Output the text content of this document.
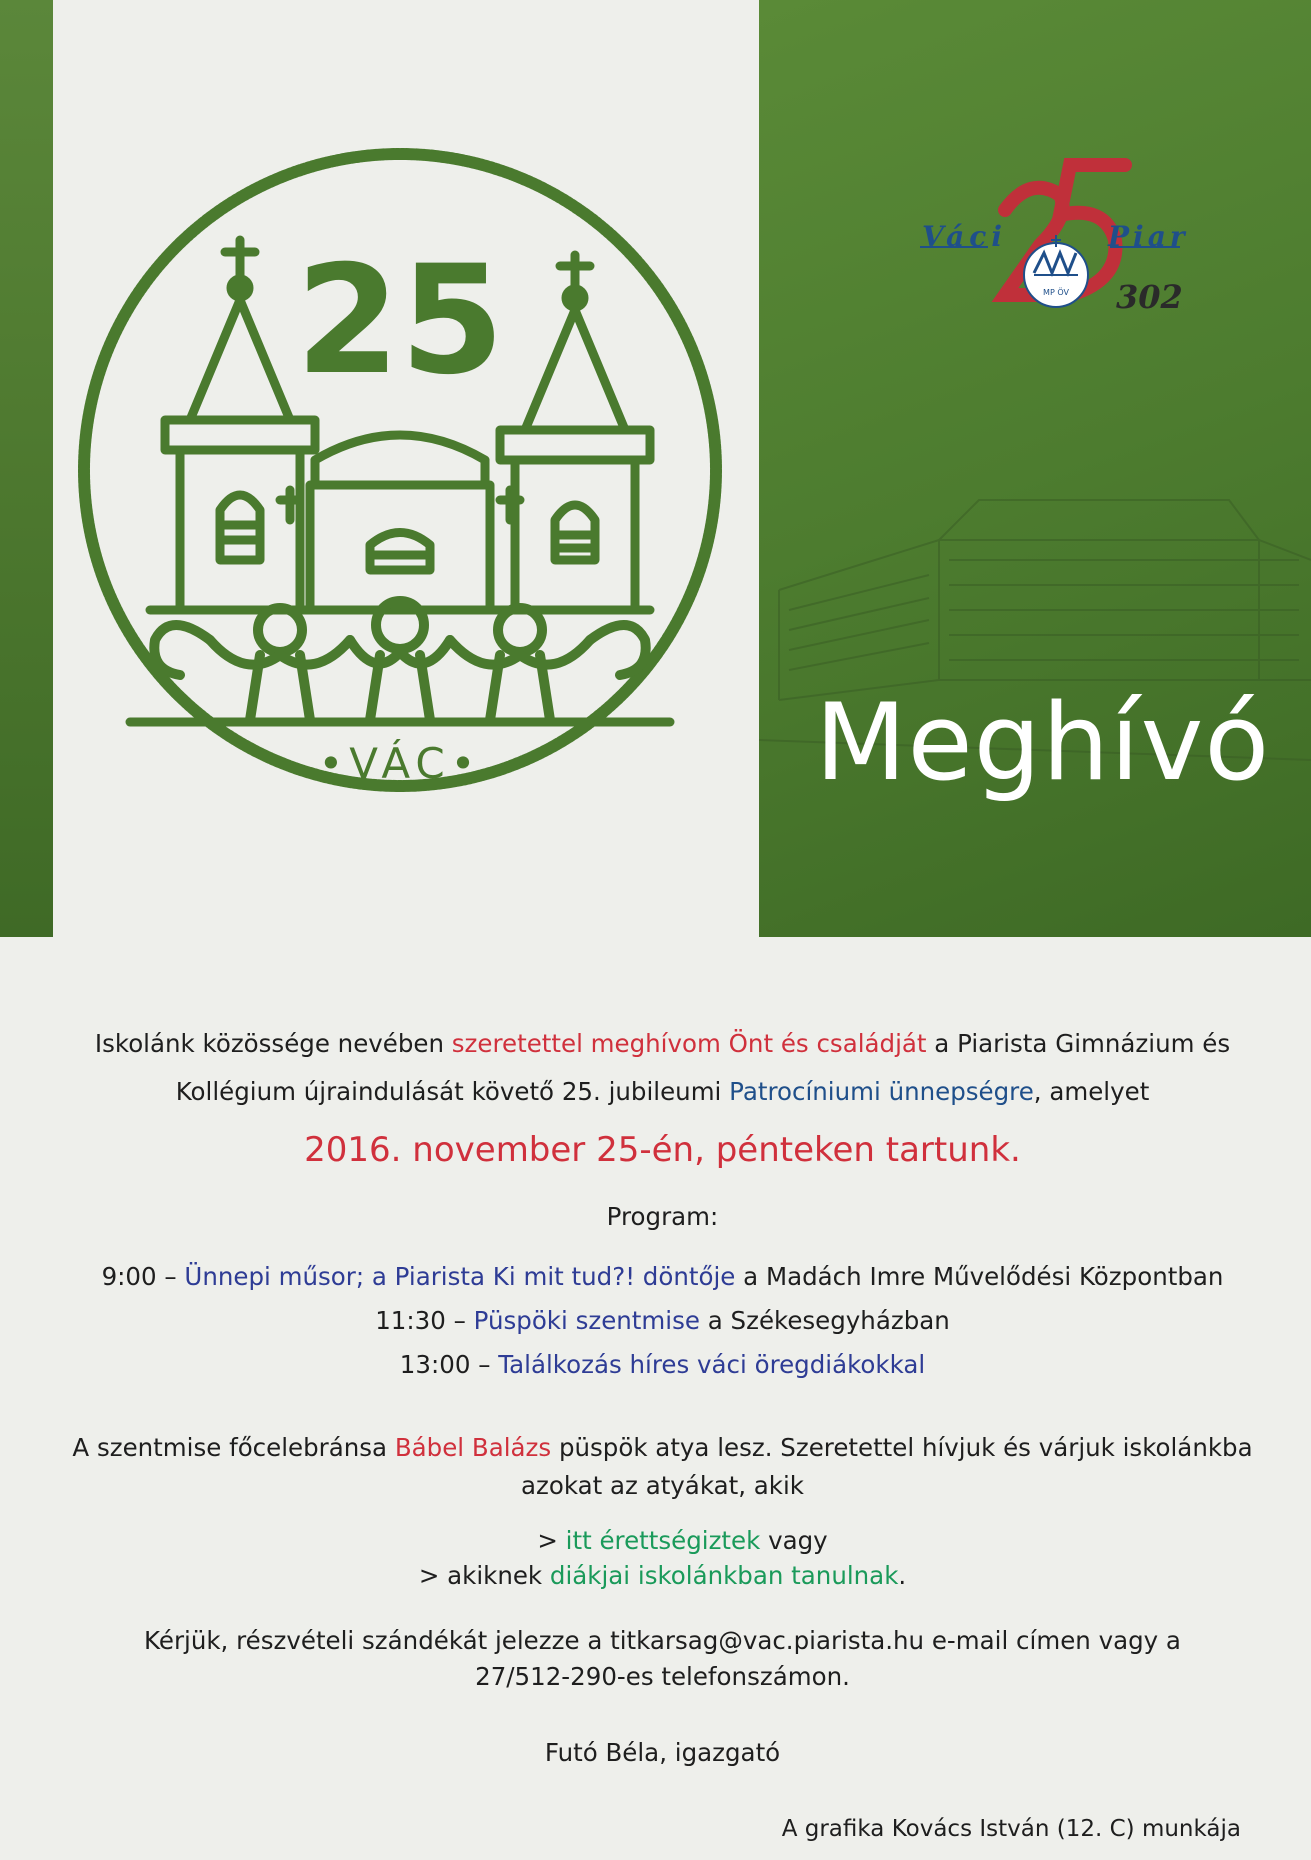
25
•VÁC•
MP ÖV
Váci	Piar
302
Meghívó
Iskolánk közössége nevében szeretettel meghívom Önt és családját a Piarista Gimnázium és
Kollégium újraindulását követő 25. jubileumi Patrocíniumi ünnepségre, amelyet
2016. november 25-én, pénteken tartunk.
Program:
9:00 – Ünnepi műsor; a Piarista Ki mit tud?! döntője a Madách Imre Művelődési Központban
11:30 – Püspöki szentmise a Székesegyházban
13:00 – Találkozás híres váci öregdiákokkal
A szentmise főcelebránsa Bábel Balázs püspök atya lesz. Szeretettel hívjuk és várjuk iskolánkba
azokat az atyákat, akik
> itt érettségiztek vagy
> akiknek diákjai iskolánkban tanulnak.
Kérjük, részvételi szándékát jelezze a titkarsag@vac.piarista.hu e-mail címen vagy a
27/512-290-es telefonszámon.
Futó Béla, igazgató
A grafika Kovács István (12. C) munkája
